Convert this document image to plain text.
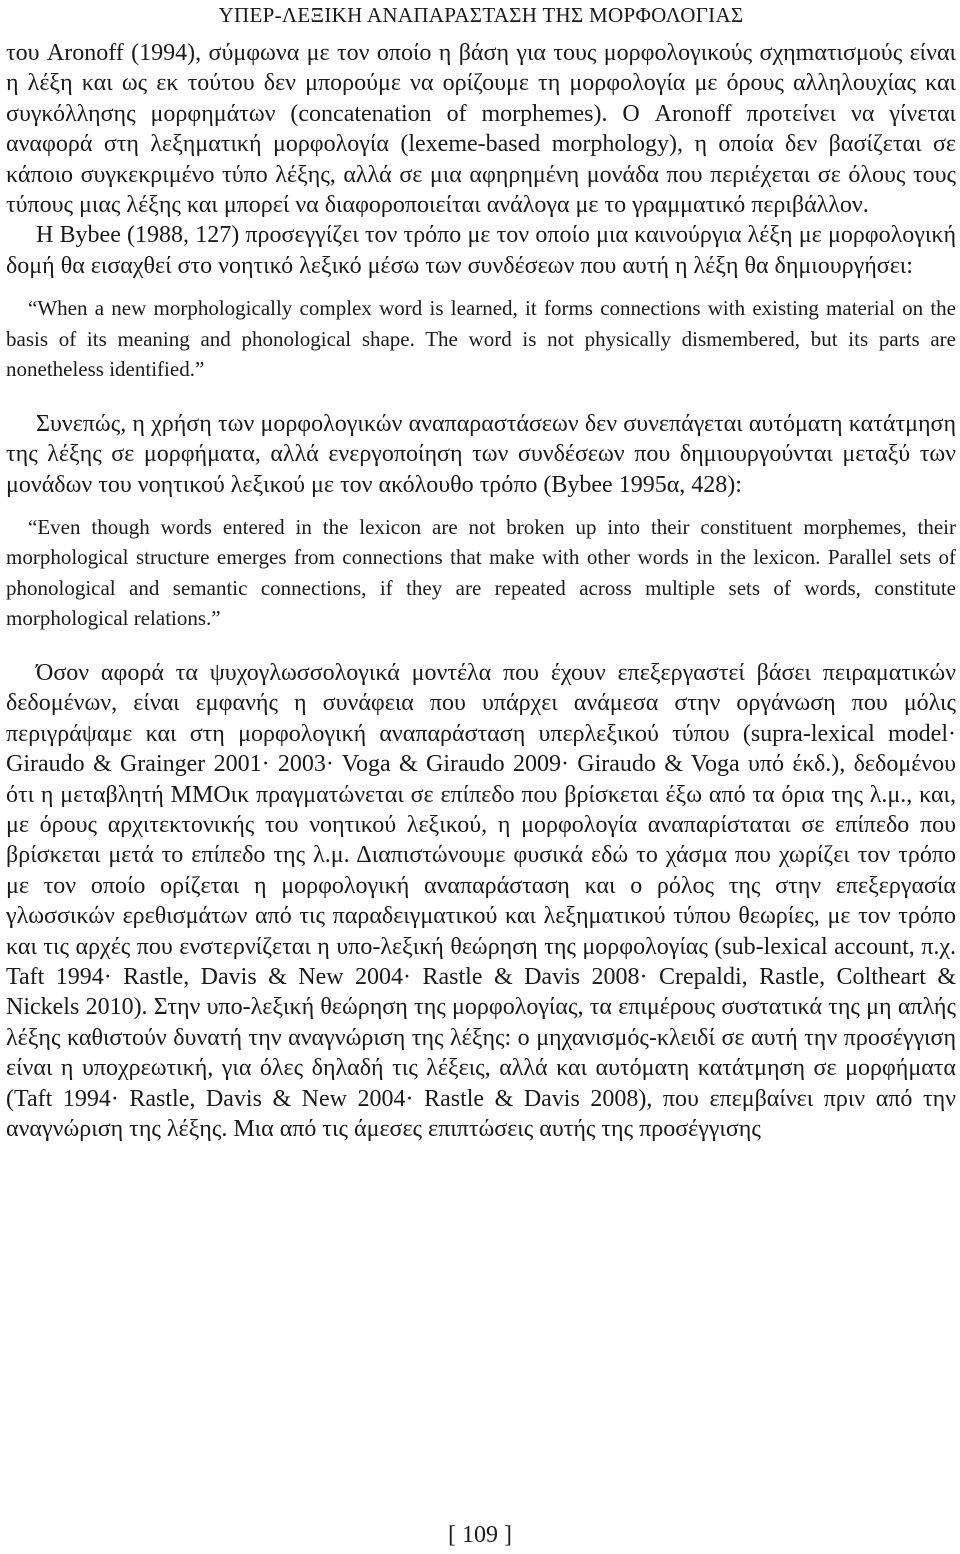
ΥΠΕΡ-ΛΕΞΙΚΗ ΑΝΑΠΑΡΑΣΤΑΣΗ ΤΗΣ ΜΟΡΦΟΛΟΓΙΑΣ

του Aronoff (1994), σύμφωνα με τον οποίο η βάση για τους μορφολογικούς σχηmατισμούς είναι η λέξη και ως εκ τούτου δεν μπορούμε να ορίζουμε τη μορφολογία με όρους αλληλουχίας και συγκόλλησης μορφημάτων (concatenation of morphemes). Ο Aronoff προτείνει να γίνεται αναφορά στη λεξηματική μορφολογία (lexeme-based morphology), η οποία δεν βασίζεται σε κάποιο συγκεκριμένο τύπο λέξης, αλλά σε μια αφηρημένη μονάδα που περιέχεται σε όλους τους τύπους μιας λέξης και μπορεί να διαφοροποιείται ανάλογα με το γραμματικό περιβάλλον.

Η Bybee (1988, 127) προσεγγίζει τον τρόπο με τον οποίο μια καινούργια λέξη με μορφολογική δομή θα εισαχθεί στο νοητικό λεξικό μέσω των συνδέσεων που αυτή η λέξη θα δημιουργήσει:

“When a new morphologically complex word is learned, it forms connections with existing material on the basis of its meaning and phonological shape. The word is not physically dismembered, but its parts are nonetheless identified.”

Συνεπώς, η χρήση των μορφολογικών αναπαραστάσεων δεν συνεπάγεται αυτόματη κατάτμηση της λέξης σε μορφήματα, αλλά ενεργοποίηση των συνδέσεων που δημιουργούνται μεταξύ των μονάδων του νοητικού λεξικού με τον ακόλουθο τρόπο (Bybee 1995α, 428):

“Even though words entered in the lexicon are not broken up into their constituent morphemes, their morphological structure emerges from connections that make with other words in the lexicon. Parallel sets of phonological and semantic connections, if they are repeated across multiple sets of words, constitute morphological relations.”

Όσον αφορά τα ψυχογλωσσολογικά μοντέλα που έχουν επεξεργαστεί βάσει πειραματικών δεδομένων, είναι εμφανής η συνάφεια που υπάρχει ανάμεσα στην οργάνωση που μόλις περιγράψαμε και στη μορφολογική αναπαράσταση υπερλεξικού τύπου (supra-lexical model· Giraudo & Grainger 2001· 2003· Voga & Giraudo 2009· Giraudo & Voga υπό έκδ.), δεδομένου ότι η μεταβλητή ΜΜΟικ πραγματώνεται σε επίπεδο που βρίσκεται έξω από τα όρια της λ.μ., και, με όρους αρχιτεκτονικής του νοητικού λεξικού, η μορφολογία αναπαρίσταται σε επίπεδο που βρίσκεται μετά το επίπεδο της λ.μ. Διαπιστώνουμε φυσικά εδώ το χάσμα που χωρίζει τον τρόπο με τον οποίο ορίζεται η μορφολογική αναπαράσταση και ο ρόλος της στην επεξεργασία γλωσσικών ερεθισμάτων από τις παραδειγματικού και λεξηματικού τύπου θεωρίες, με τον τρόπο και τις αρχές που ενστερνίζεται η υπο-λεξική θεώρηση της μορφολογίας (sub-lexical account, π.χ. Taft 1994· Rastle, Davis & New 2004· Rastle & Davis 2008· Crepaldi, Rastle, Coltheart & Nickels 2010). Στην υπο-λεξική θεώρηση της μορφολογίας, τα επιμέρους συστατικά της μη απλής λέξης καθιστούν δυνατή την αναγνώριση της λέξης: ο μηχανισμός-κλειδί σε αυτή την προσέγγιση είναι η υποχρεωτική, για όλες δηλαδή τις λέξεις, αλλά και αυτόματη κατάτμηση σε μορφήματα (Taft 1994· Rastle, Davis & New 2004· Rastle & Davis 2008), που επεμβαίνει πριν από την αναγνώριση της λέξης. Μια από τις άμεσες επιπτώσεις αυτής της προσέγγισης

[ 109 ]
